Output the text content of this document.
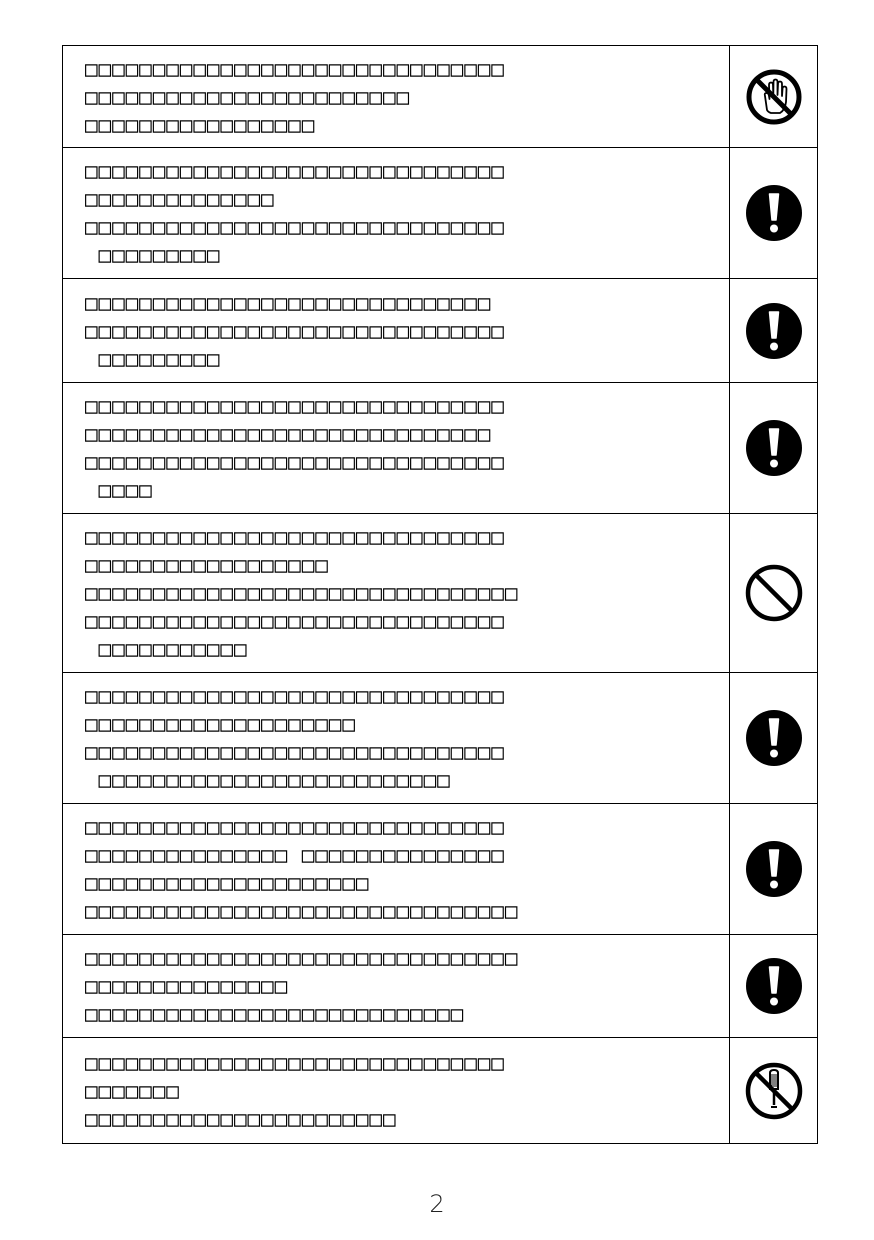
□□□□□□□□□□□□□□□□□□□□□□□□□□□□□□□
□□□□□□□□□□□□□□□□□□□□□□□□
□□□□□□□□□□□□□□□□□
□□□□□□□□□□□□□□□□□□□□□□□□□□□□□□□
□□□□□□□□□□□□□□
□□□□□□□□□□□□□□□□□□□□□□□□□□□□□□□
□□□□□□□□□
□□□□□□□□□□□□□□□□□□□□□□□□□□□□□□
□□□□□□□□□□□□□□□□□□□□□□□□□□□□□□□
□□□□□□□□□
□□□□□□□□□□□□□□□□□□□□□□□□□□□□□□□
□□□□□□□□□□□□□□□□□□□□□□□□□□□□□□
□□□□□□□□□□□□□□□□□□□□□□□□□□□□□□□
□□□□
□□□□□□□□□□□□□□□□□□□□□□□□□□□□□□□
□□□□□□□□□□□□□□□□□□
□□□□□□□□□□□□□□□□□□□□□□□□□□□□□□□□
□□□□□□□□□□□□□□□□□□□□□□□□□□□□□□□
□□□□□□□□□□□
□□□□□□□□□□□□□□□□□□□□□□□□□□□□□□□
□□□□□□□□□□□□□□□□□□□□
□□□□□□□□□□□□□□□□□□□□□□□□□□□□□□□
□□□□□□□□□□□□□□□□□□□□□□□□□□
□□□□□□□□□□□□□□□□□□□□□□□□□□□□□□□
□□□□□□□□□□□□□□□ □□□□□□□□□□□□□□□
□□□□□□□□□□□□□□□□□□□□□
□□□□□□□□□□□□□□□□□□□□□□□□□□□□□□□□
□□□□□□□□□□□□□□□□□□□□□□□□□□□□□□□□
□□□□□□□□□□□□□□□
□□□□□□□□□□□□□□□□□□□□□□□□□□□□
□□□□□□□□□□□□□□□□□□□□□□□□□□□□□□□
□□□□□□□
□□□□□□□□□□□□□□□□□□□□□□□
2
